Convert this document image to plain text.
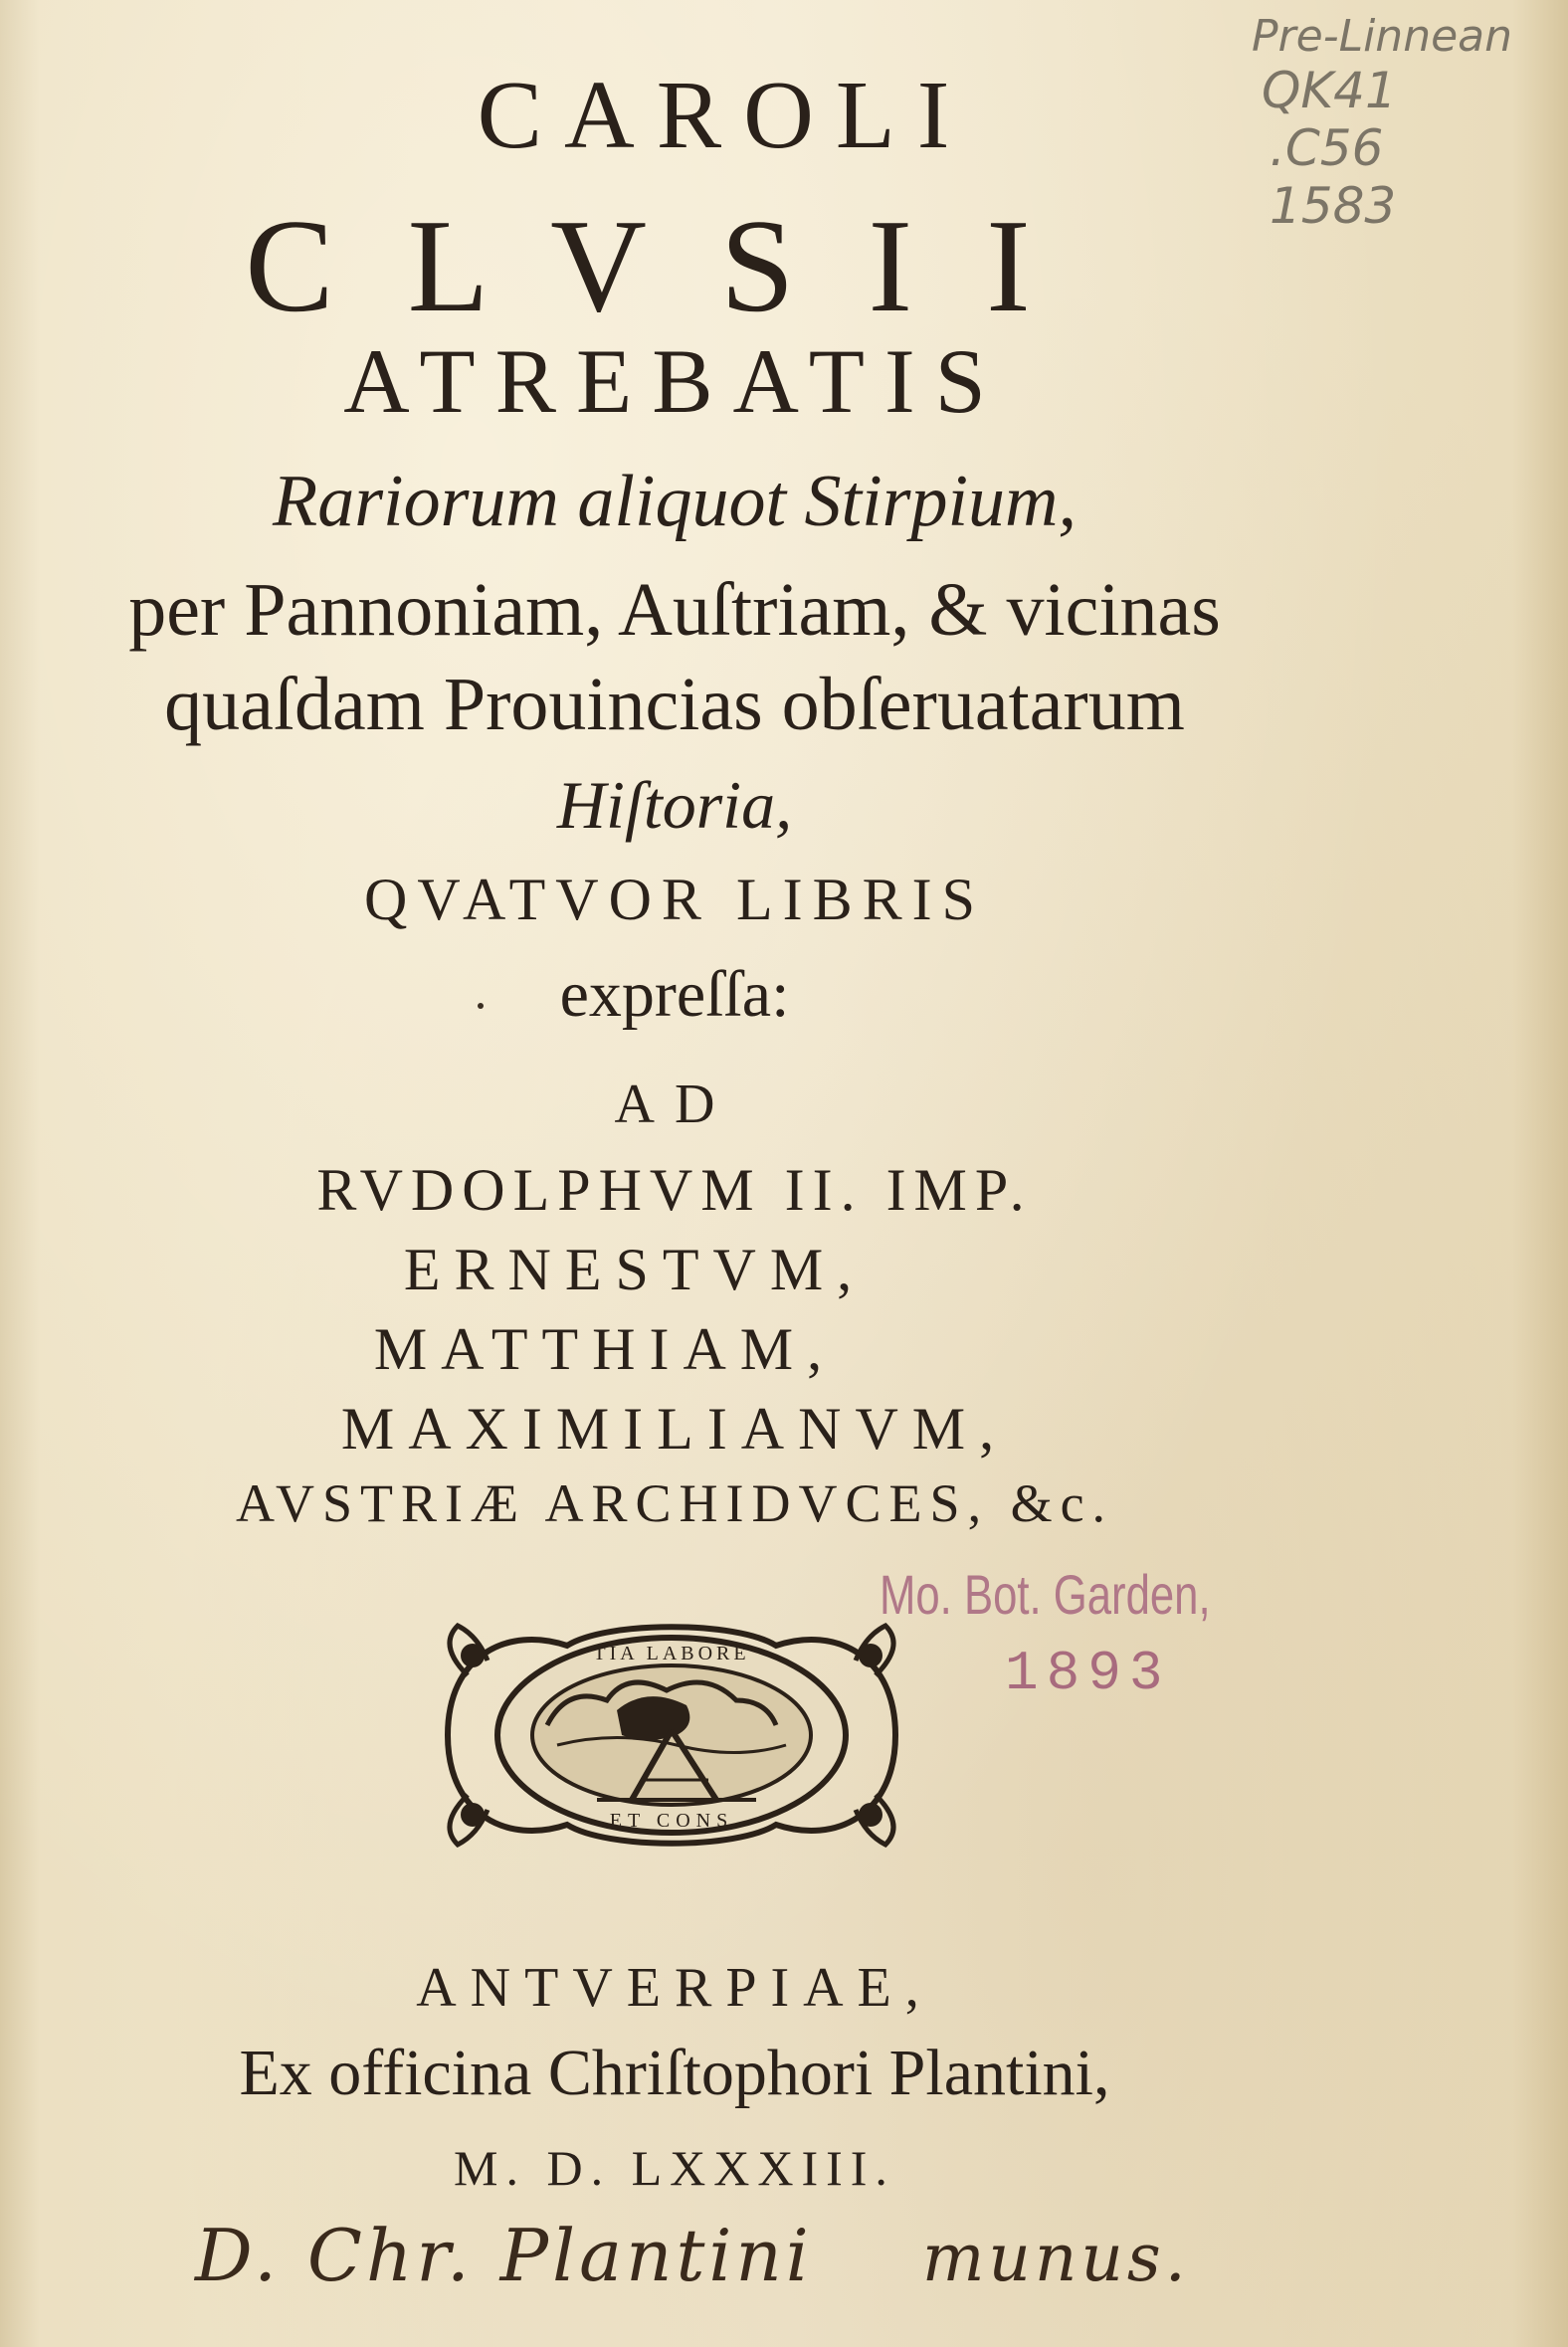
Pre-Linnean
QK41
.C56
1583
CAROLI
CLVSII
ATREBATIS
Rariorum aliquot Stirpium,
per Pannoniam, Auſtriam, & vicinas
quaſdam Prouincias obſeruatarum
Hiſtoria,
QVATVOR LIBRIS
expreſſa:
AD
RVDOLPHVM II. IMP.
ERNESTVM,
MATTHIAM,
MAXIMILIANVM,
AVSTRIÆ ARCHIDVCES, &c.
Mo. Bot. Garden,
1893
TIA LABORE
ET CONS
ANTVERPIAE,
Ex officina Chriſtophori Plantini,
M. D. LXXXIII.
D. Chr. Plantini munus.
